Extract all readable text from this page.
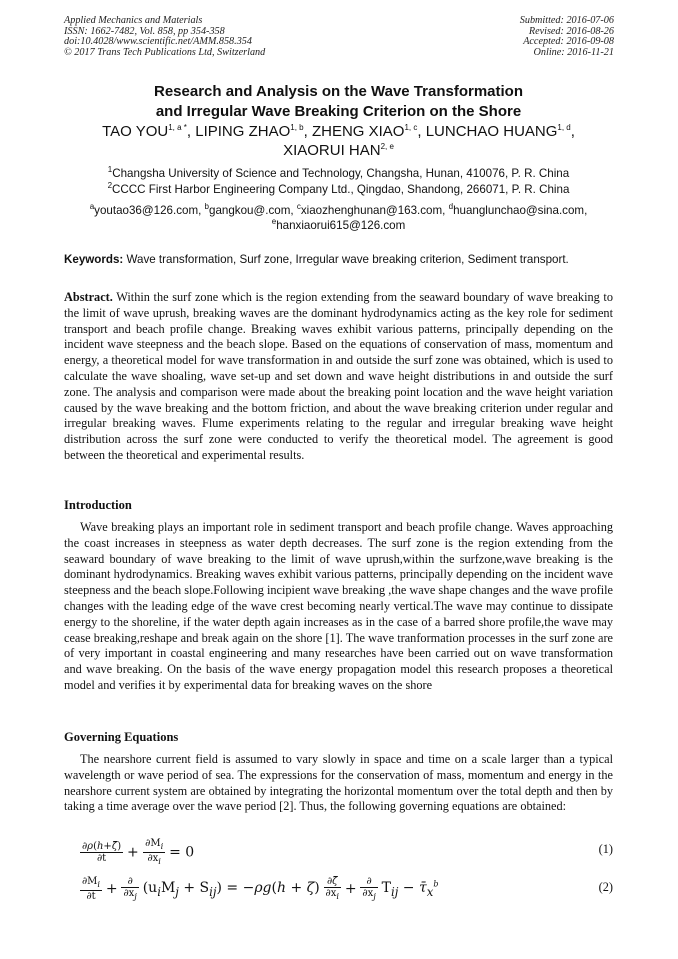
Applied Mechanics and Materials
ISSN: 1662-7482, Vol. 858, pp 354-358
doi:10.4028/www.scientific.net/AMM.858.354
© 2017 Trans Tech Publications Ltd, Switzerland
Submitted: 2016-07-06
Revised: 2016-08-26
Accepted: 2016-09-08
Online: 2016-11-21
Research and Analysis on the Wave Transformation
and Irregular Wave Breaking Criterion on the Shore
TAO $YOU^{1, a *}$, LIPING ZHAO$^{1, b}$, ZHENG XIAO$^{1, c}$, LUNCHAO HUANG$^{1, d}$,
XIAORUI HAN$^{2, e}$
$^1$Changsha University of Science and Technology, Changsha, Hunan, 410076, P. R. China
$^2$CCCC First Harbor Engineering Company Ltd., Qingdao, Shandong, 266071, P. R. China
$^a$youtao36@126.com, $^b$gangkou@.com, $^c$xiaozhenghunan@163.com, $^d$huanglunchao@sina.com,
$^e$hanxiaorui615@126.com
Keywords: Wave transformation, Surf zone, Irregular wave breaking criterion, Sediment transport.
Abstract. Within the surf zone which is the region extending from the seaward boundary of wave breaking to the limit of wave uprush, breaking waves are the dominant hydrodynamics acting as the key role for sediment transport and beach profile change. Breaking waves exhibit various patterns, principally depending on the incident wave steepness and the beach slope. Based on the equations of conservation of mass, momentum and energy, a theoretical model for wave transformation in and outside the surf zone was obtained, which is used to calculate the wave shoaling, wave set-up and set down and wave height distributions in and outside the surf zone. The analysis and comparison were made about the breaking point location and the wave height variation caused by the wave breaking and the bottom friction, and about the wave breaking criterion under regular and irregular breaking waves. Flume experiments relating to the regular and irregular breaking wave height distribution across the surf zone were conducted to verify the theoretical model. The agreement is good between the theoretical and experimental results.
Introduction
Wave breaking plays an important role in sediment transport and beach profile change. Waves approaching the coast increases in steepness as water depth decreases. The surf zone is the region extending from the seaward boundary of wave breaking to the limit of wave uprush,within the surfzone,wave breaking is the dominant hydrodynamics. Breaking waves exhibit various patterns, principally depending on the incident wave steepness and the beach slope.Following incipient wave breaking ,the wave shape changes and the wave profile changes with the leading edge of the wave crest becoming nearly vertical.The wave may continue to dissipate energy to the shoreline, if the water depth again increases as in the case of a barred shore profile,the wave may cease breaking,reshape and break again on the shore [1]. The wave tranformation processes in the surf zone are of very important in coastal engineering and many researches have been carried out on wave transformation and wave breaking. On the basis of the wave energy propagation model this research proposes a theoretical model and verifies it by experimental data for breaking waves on the shore
Governing Equations
The nearshore current field is assumed to vary slowly in space and time on a scale larger than a typical wavelength or wave period of sea. The expressions for the conservation of mass, momentum and energy in the nearshore current system are obtained by integrating the horizontal momentum over the total depth and then by taking a time average over the wave period [2]. Thus, the following governing equations are obtained:
$\frac{\partial\rho(h+\zetā)}{\partial t} + \frac{\partial M_i}{\partial x_i} = 0$	(1)
$\frac{\partial M_i}{\partial t} + \frac{\partial}{\partial x_j} (u_iM_j + S_{ij}) = -\rho g(h$ + ζ̄) $\frac{\partial\zetā}{\partial x_i} + \frac{\partial}{\partial x_j} T_{ij}$ − $\taū_x^b$	(2)
